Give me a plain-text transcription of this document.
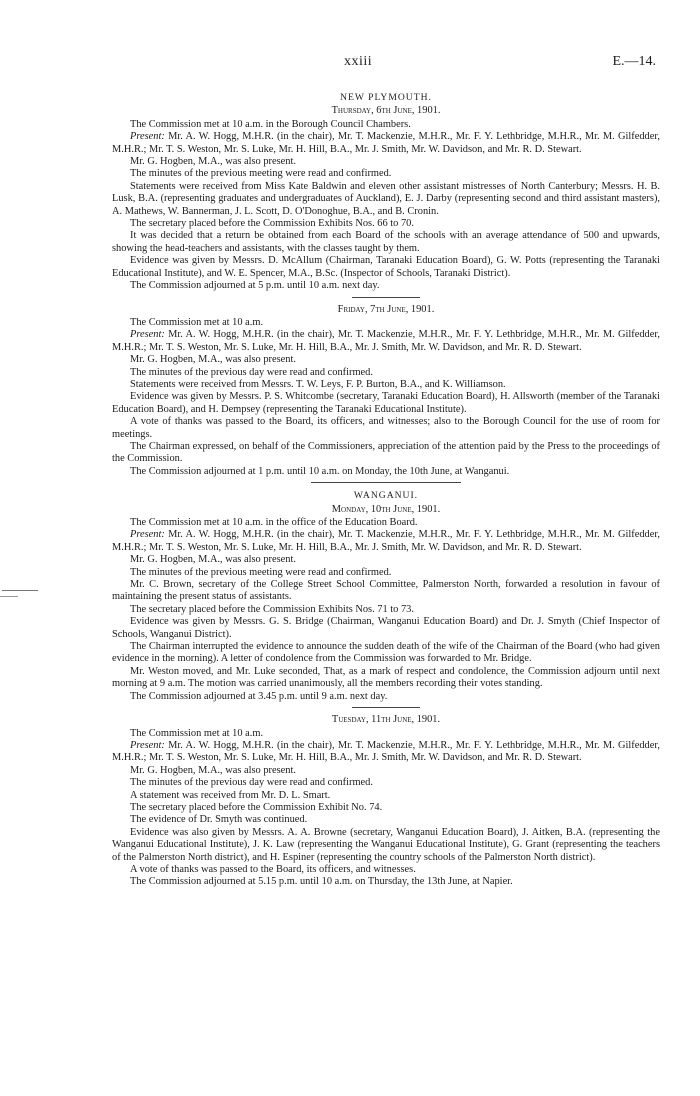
xxiii	E.—14.
NEW PLYMOUTH.
Thursday, 6th June, 1901.

The Commission met at 10 a.m. in the Borough Council Chambers.

Present: Mr. A. W. Hogg, M.H.R. (in the chair), Mr. T. Mackenzie, M.H.R., Mr. F. Y. Lethbridge, M.H.R., Mr. M. Gilfedder, M.H.R.; Mr. T. S. Weston, Mr. S. Luke, Mr. H. Hill, B.A., Mr. J. Smith, Mr. W. Davidson, and Mr. R. D. Stewart.

Mr. G. Hogben, M.A., was also present.

The minutes of the previous meeting were read and confirmed.

Statements were received from Miss Kate Baldwin and eleven other assistant mistresses of North Canterbury; Messrs. H. B. Lusk, B.A. (representing graduates and undergraduates of Auckland), E. J. Darby (representing second and third assistant masters), A. Mathews, W. Bannerman, J. L. Scott, D. O'Donoghue, B.A., and B. Cronin.

The secretary placed before the Commission Exhibits Nos. 66 to 70.

It was decided that a return be obtained from each Board of the schools with an average attendance of 500 and upwards, showing the head-teachers and assistants, with the classes taught by them.

Evidence was given by Messrs. D. McAllum (Chairman, Taranaki Education Board), G. W. Potts (representing the Taranaki Educational Institute), and W. E. Spencer, M.A., B.Sc. (Inspector of Schools, Taranaki District).

The Commission adjourned at 5 p.m. until 10 a.m. next day.

Friday, 7th June, 1901.

The Commission met at 10 a.m.

Present: Mr. A. W. Hogg, M.H.R. (in the chair), Mr. T. Mackenzie, M.H.R., Mr. F. Y. Lethbridge, M.H.R., Mr. M. Gilfedder, M.H.R.; Mr. T. S. Weston, Mr. S. Luke, Mr. H. Hill, B.A., Mr. J. Smith, Mr. W. Davidson, and Mr. R. D. Stewart.

Mr. G. Hogben, M.A., was also present.

The minutes of the previous day were read and confirmed.

Statements were received from Messrs. T. W. Leys, F. P. Burton, B.A., and K. Williamson.

Evidence was given by Messrs. P. S. Whitcombe (secretary, Taranaki Education Board), H. Allsworth (member of the Taranaki Education Board), and H. Dempsey (representing the Taranaki Educational Institute).

A vote of thanks was passed to the Board, its officers, and witnesses; also to the Borough Council for the use of room for meetings.

The Chairman expressed, on behalf of the Commissioners, appreciation of the attention paid by the Press to the proceedings of the Commission.

The Commission adjourned at 1 p.m. until 10 a.m. on Monday, the 10th June, at Wanganui.

WANGANUI.
Monday, 10th June, 1901.

The Commission met at 10 a.m. in the office of the Education Board.

Present: Mr. A. W. Hogg, M.H.R. (in the chair), Mr. T. Mackenzie, M.H.R., Mr. F. Y. Lethbridge, M.H.R., Mr. M. Gilfedder, M.H.R.; Mr. T. S. Weston, Mr. S. Luke, Mr. H. Hill, B.A., Mr. J. Smith, Mr. W. Davidson, and Mr. R. D. Stewart.

Mr. G. Hogben, M.A., was also present.

The minutes of the previous meeting were read and confirmed.

Mr. C. Brown, secretary of the College Street School Committee, Palmerston North, forwarded a resolution in favour of maintaining the present status of assistants.

The secretary placed before the Commission Exhibits Nos. 71 to 73.

Evidence was given by Messrs. G. S. Bridge (Chairman, Wanganui Education Board) and Dr. J. Smyth (Chief Inspector of Schools, Wanganui District).

The Chairman interrupted the evidence to announce the sudden death of the wife of the Chairman of the Board (who had given evidence in the morning). A letter of condolence from the Commission was forwarded to Mr. Bridge.

Mr. Weston moved, and Mr. Luke seconded, That, as a mark of respect and condolence, the Commission adjourn until next morning at 9 a.m. The motion was carried unanimously, all the members recording their votes standing.

The Commission adjourned at 3.45 p.m. until 9 a.m. next day.

Tuesday, 11th June, 1901.

The Commission met at 10 a.m.

Present: Mr. A. W. Hogg, M.H.R. (in the chair), Mr. T. Mackenzie, M.H.R., Mr. F. Y. Lethbridge, M.H.R., Mr. M. Gilfedder, M.H.R.; Mr. T. S. Weston, Mr. S. Luke, Mr. H. Hill, B.A., Mr. J. Smith, Mr. W. Davidson, and Mr. R. D. Stewart.

Mr. G. Hogben, M.A., was also present.

The minutes of the previous day were read and confirmed.

A statement was received from Mr. D. L. Smart.

The secretary placed before the Commission Exhibit No. 74.

The evidence of Dr. Smyth was continued.

Evidence was also given by Messrs. A. A. Browne (secretary, Wanganui Education Board), J. Aitken, B.A. (representing the Wanganui Educational Institute), J. K. Law (representing the Wanganui Educational Institute), G. Grant (representing the teachers of the Palmerston North district), and H. Espiner (representing the country schools of the Palmerston North district).

A vote of thanks was passed to the Board, its officers, and witnesses.

The Commission adjourned at 5.15 p.m. until 10 a.m. on Thursday, the 13th June, at Napier.
